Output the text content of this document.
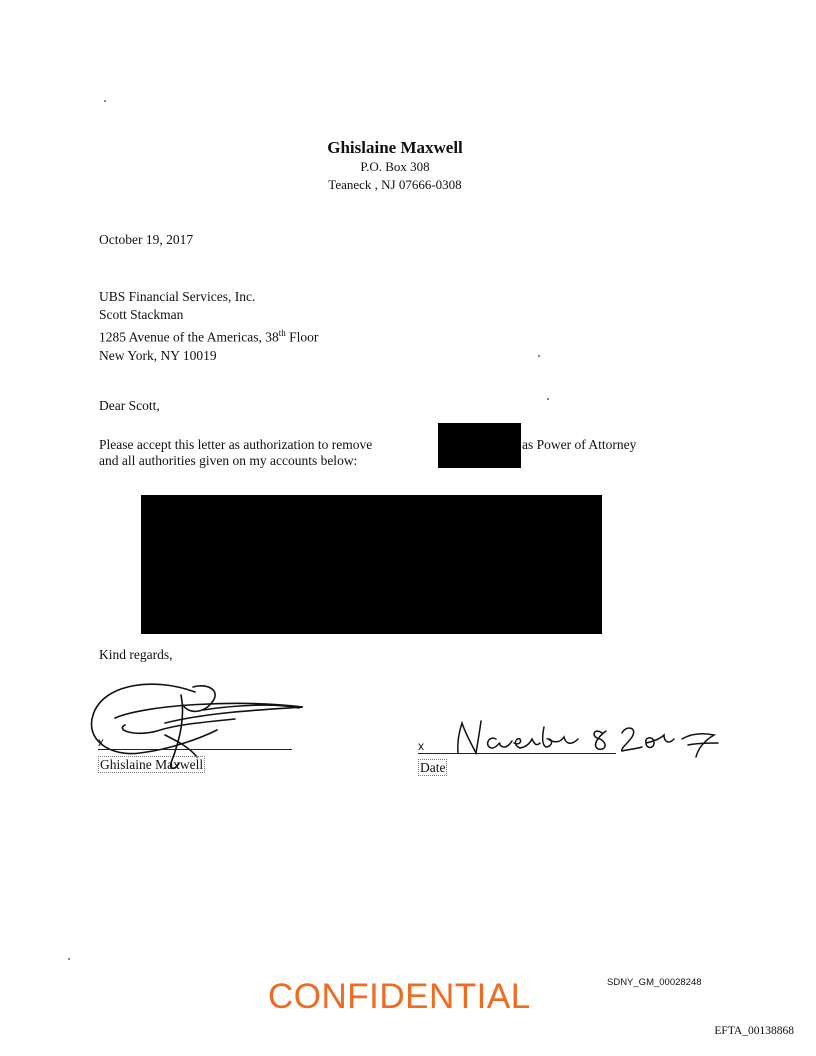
Ghislaine Maxwell
P.O. Box 308
Teaneck , NJ 07666-0308
October 19, 2017
UBS Financial Services, Inc.
Scott Stackman
1285 Avenue of the Americas, 38th Floor
New York, NY 10019
Dear Scott,
Please accept this letter as authorization to remove	as Power of Attorney
and all authorities given on my accounts below:
Kind regards,
x
Ghislaine Maxwell
x
Date
CONFIDENTIAL	SDNY_GM_00028248
EFTA_00138868
